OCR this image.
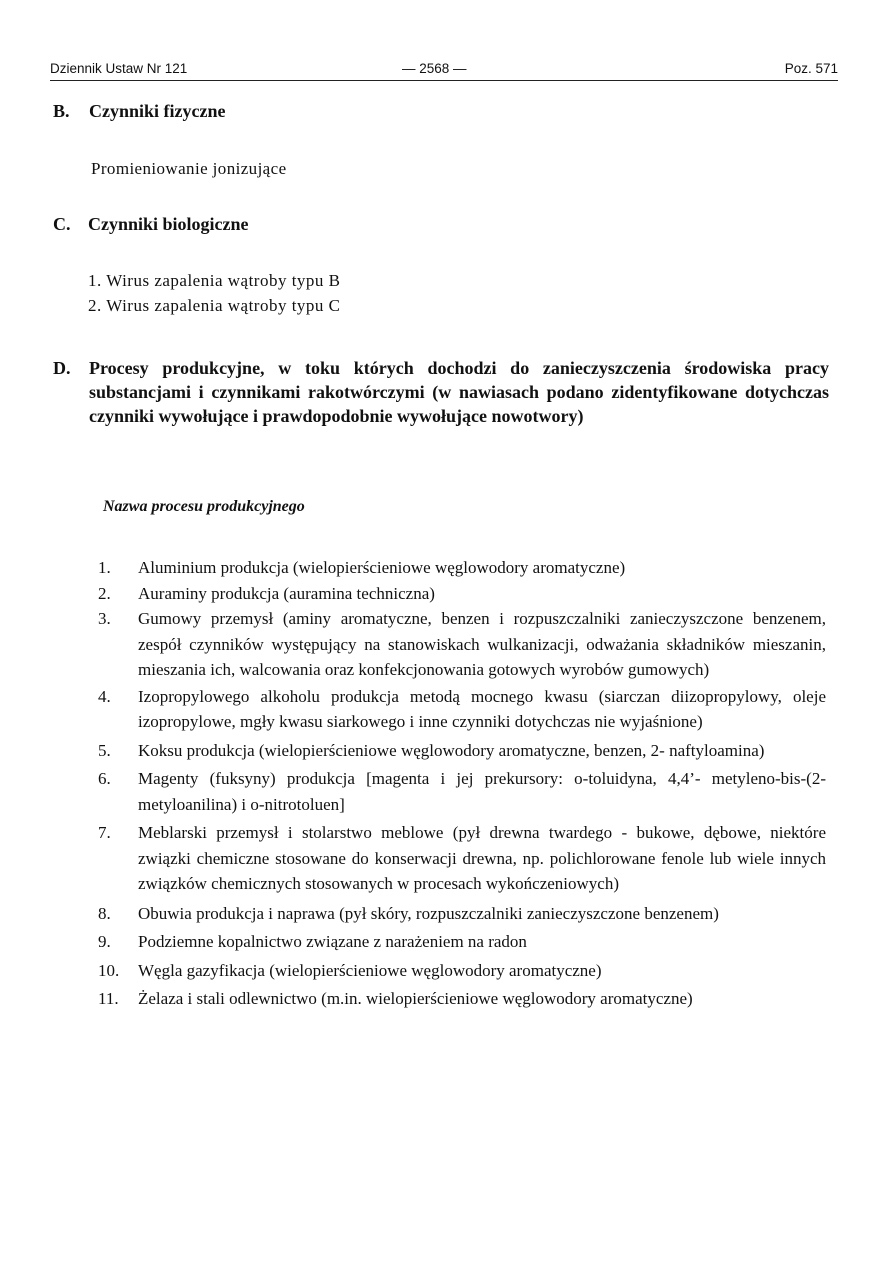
Dziennik Ustaw Nr 121	— 2568 —	Poz. 571
B. Czynniki fizyczne
Promieniowanie jonizujące
C. Czynniki biologiczne
1. Wirus zapalenia wątroby typu B
2. Wirus zapalenia wątroby typu C
D. Procesy produkcyjne, w toku których dochodzi do zanieczyszczenia środowiska pracy substancjami i czynnikami rakotwórczymi (w nawiasach podano zidentyfikowane dotychczas czynniki wywołujące i prawdopodobnie wywołujące nowotwory)
Nazwa procesu produkcyjnego
1. Aluminium produkcja (wielopierścieniowe węglowodory aromatyczne)
2. Auraminy produkcja (auramina techniczna)
3. Gumowy przemysł (aminy aromatyczne, benzen i rozpuszczalniki zanieczyszczone benzenem, zespół czynników występujący na stanowiskach wulkanizacji, odważania składników mieszanin, mieszania ich, walcowania oraz konfekcjonowania gotowych wyrobów gumowych)
4. Izopropylowego alkoholu produkcja metodą mocnego kwasu (siarczan diizopropylowy, oleje izopropylowe, mgły kwasu siarkowego i inne czynniki dotychczas nie wyjaśnione)
5. Koksu produkcja (wielopierścieniowe węglowodory aromatyczne, benzen, 2- naftyloamina)
6. Magenty (fuksyny) produkcja [magenta i jej prekursory: o-toluidyna, 4,4’- metyleno-bis-(2-metyloanilina) i o-nitrotoluen]
7. Meblarski przemysł i stolarstwo meblowe (pył drewna twardego - bukowe, dębowe, niektóre związki chemiczne stosowane do konserwacji drewna, np. polichlorowane fenole lub wiele innych związków chemicznych stosowanych w procesach wykończeniowych)
8. Obuwia produkcja i naprawa (pył skóry, rozpuszczalniki zanieczyszczone benzenem)
9. Podziemne kopalnictwo związane z narażeniem na radon
10. Węgla gazyfikacja (wielopierścieniowe węglowodory aromatyczne)
11. Żelaza i stali odlewnictwo (m.in. wielopierścieniowe węglowodory aromatyczne)
